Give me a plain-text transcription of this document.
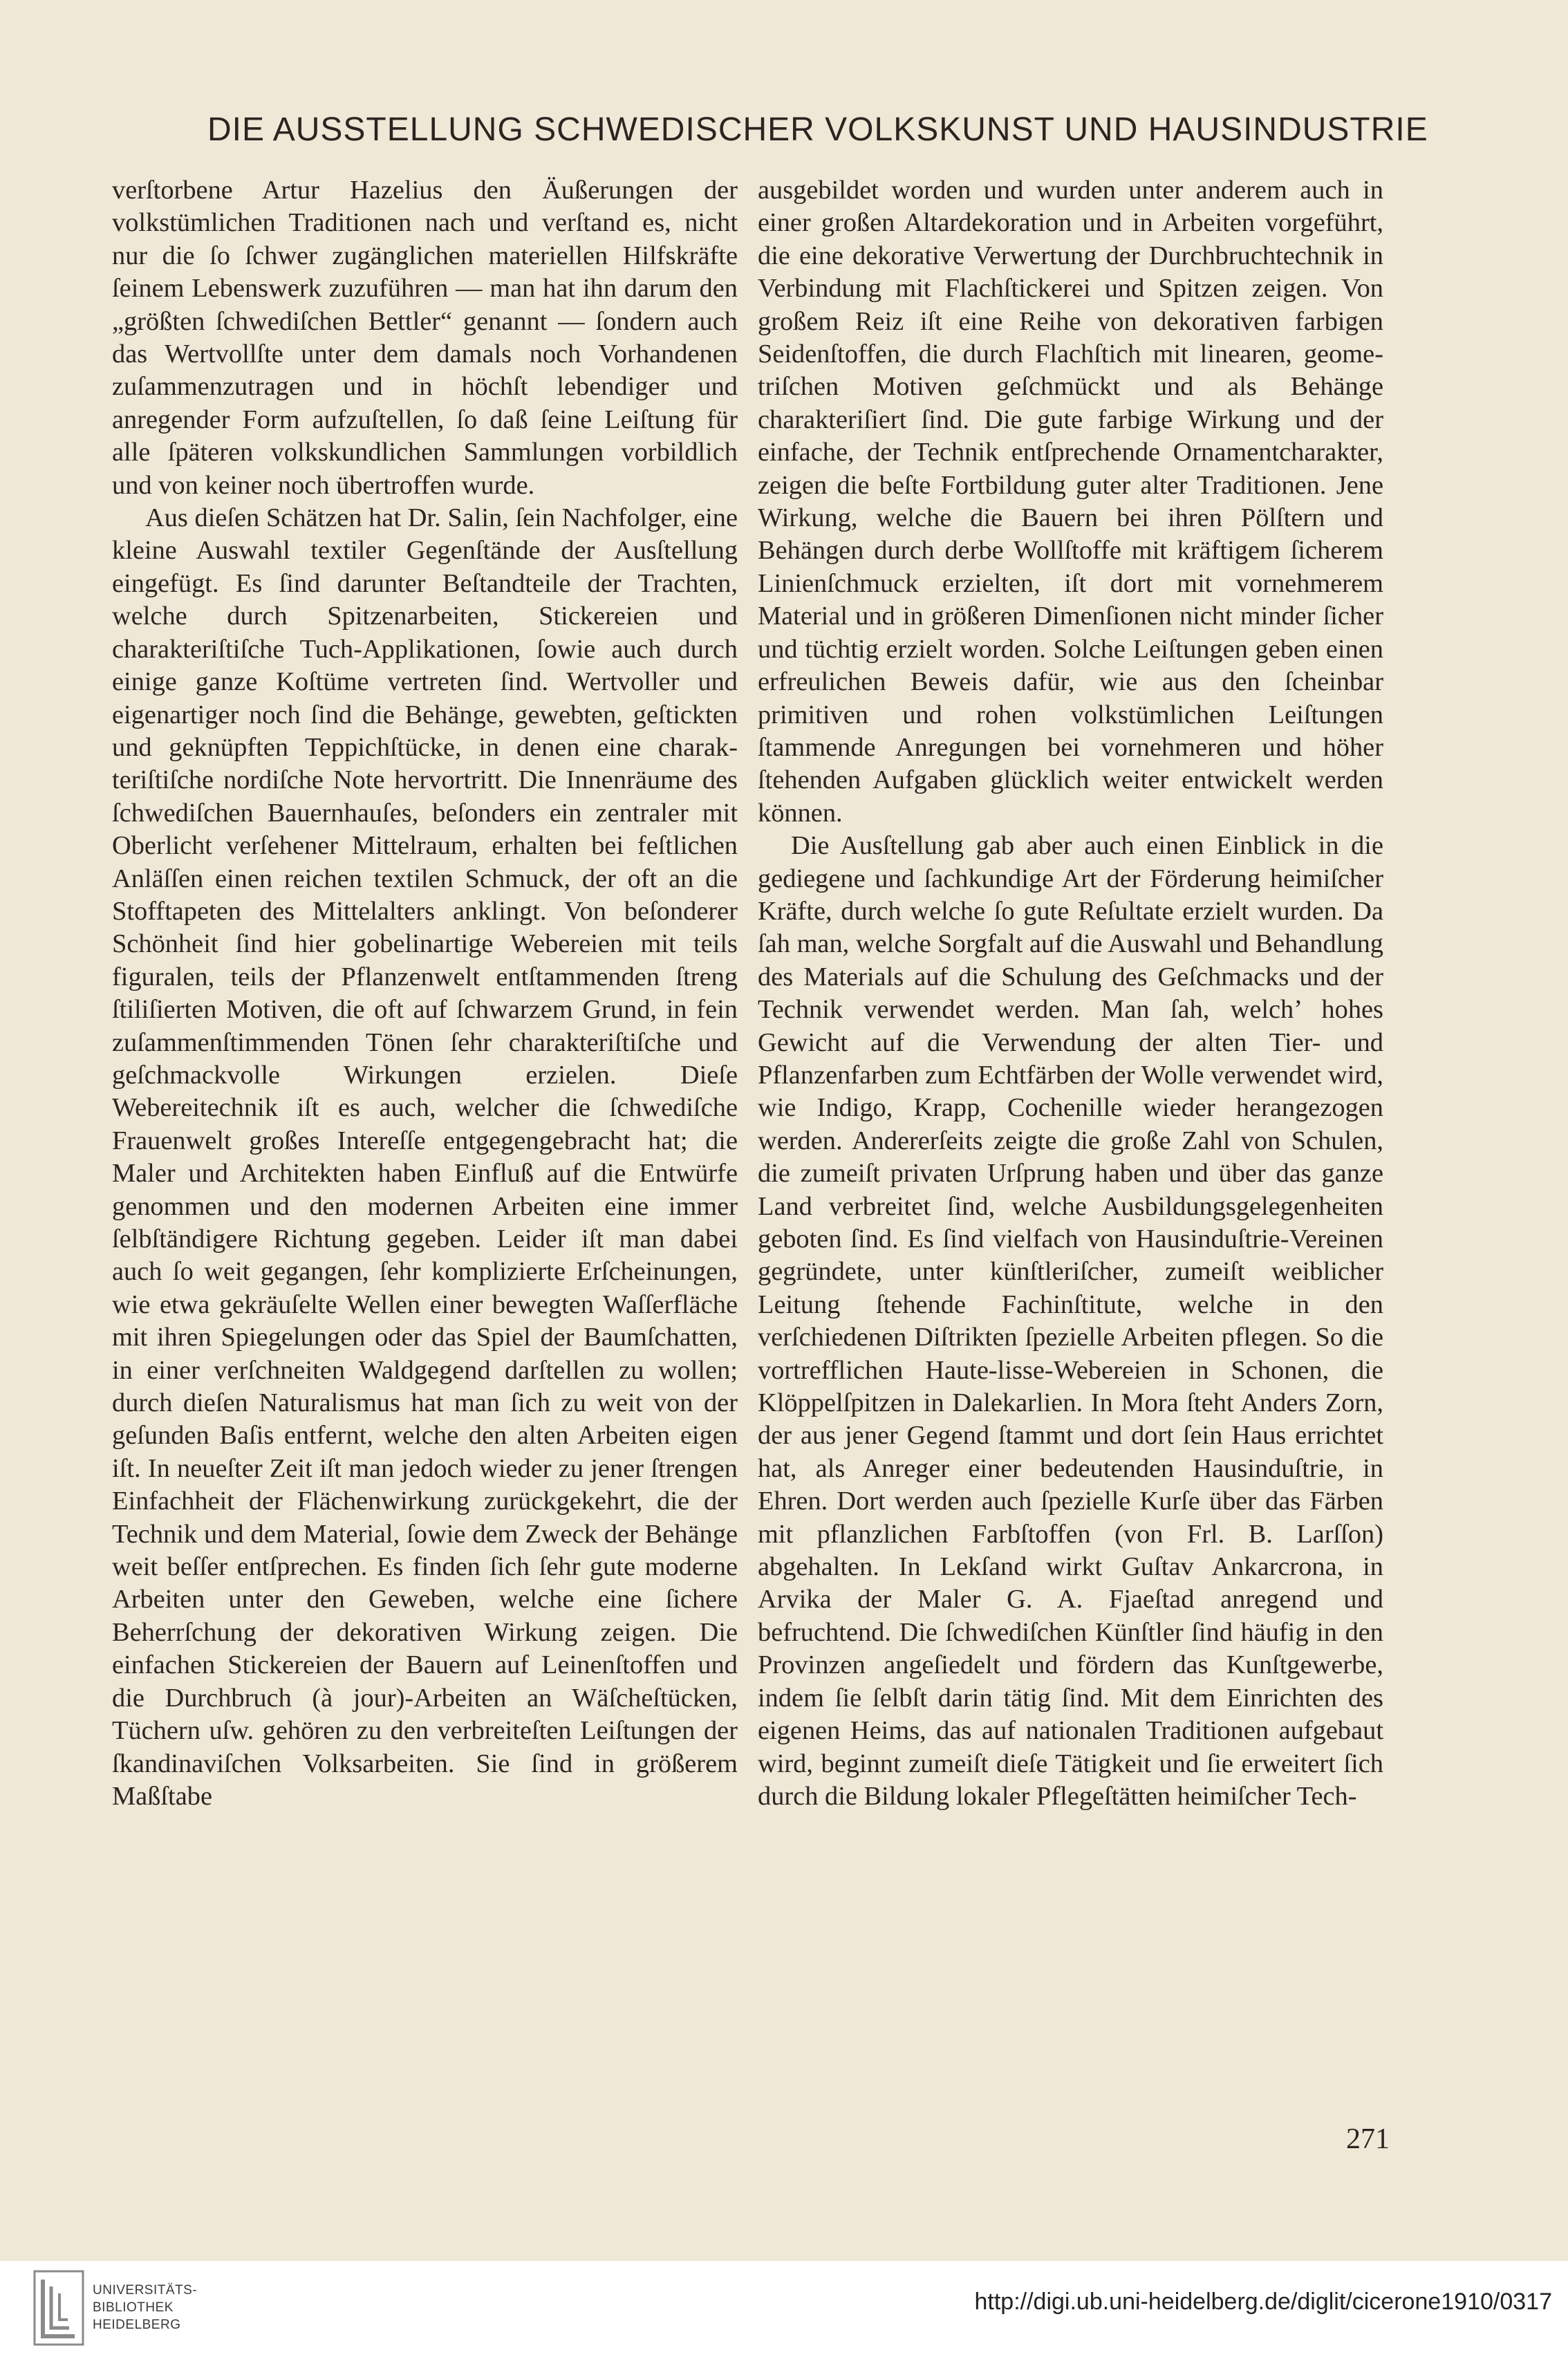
DIE AUSSTELLUNG SCHWEDISCHER VOLKSKUNST UND HAUSINDUSTRIE

verſtorbene Artur Hazelius den Äußerungen der volkstümlichen Traditionen nach und verſtand es, nicht nur die ſo ſchwer zugänglichen materiellen Hilfskräfte ſeinem Lebenswerk zuzuführen — man hat ihn darum den „größten ſchwediſchen Bettler“ genannt — ſondern auch das Wertvollſte unter dem damals noch Vorhandenen zuſammenzutragen und in höchſt lebendiger und anregender Form aufzuſtellen, ſo daß ſeine Leiſtung für alle ſpäteren volkskundlichen Sammlungen vorbildlich und von keiner noch übertroffen wurde.

Aus dieſen Schätzen hat Dr. Salin, ſein Nachfolger, eine kleine Auswahl textiler Gegenſtände der Ausſtellung eingefügt. Es ſind darunter Beſtandteile der Trachten, welche durch Spitzenarbeiten, Stickereien und charakteriſtiſche Tuch-Applikationen, ſowie auch durch einige ganze Koſtüme vertreten ſind. Wertvoller und eigenartiger noch ſind die Behänge, gewebten, geſtickten und geknüpften Teppichſtücke, in denen eine charakteriſtiſche nordiſche Note hervortritt. Die Innenräume des ſchwediſchen Bauernhauſes, beſonders ein zentraler mit Oberlicht verſehener Mittelraum, erhalten bei feſtlichen Anläſſen einen reichen textilen Schmuck, der oft an die Stofftapeten des Mittelalters anklingt. Von beſonderer Schönheit ſind hier gobelinartige Webereien mit teils figuralen, teils der Pflanzenwelt entſtammenden ſtreng ſtiliſierten Motiven, die oft auf ſchwarzem Grund, in fein zuſammenſtimmenden Tönen ſehr charakteriſtiſche und geſchmackvolle Wirkungen erzielen. Dieſe Webereitechnik iſt es auch, welcher die ſchwediſche Frauenwelt großes Intereſſe entgegengebracht hat; die Maler und Architekten haben Einfluß auf die Entwürfe genommen und den modernen Arbeiten eine immer ſelbſtändigere Richtung gegeben. Leider iſt man dabei auch ſo weit gegangen, ſehr komplizierte Erſcheinungen, wie etwa gekräuſelte Wellen einer bewegten Waſſerfläche mit ihren Spiegelungen oder das Spiel der Baumſchatten, in einer verſchneiten Waldgegend darſtellen zu wollen; durch dieſen Naturalismus hat man ſich zu weit von der geſunden Baſis entfernt, welche den alten Arbeiten eigen iſt. In neueſter Zeit iſt man jedoch wieder zu jener ſtrengen Einfachheit der Flächenwirkung zurückgekehrt, die der Technik und dem Material, ſowie dem Zweck der Behänge weit beſſer entſprechen. Es finden ſich ſehr gute moderne Arbeiten unter den Geweben, welche eine ſichere Beherrſchung der dekorativen Wirkung zeigen. Die einfachen Stickereien der Bauern auf Leinenſtoffen und die Durchbruch (à jour)-Arbeiten an Wäſcheſtücken, Tüchern uſw. gehören zu den verbreiteſten Leiſtungen der ſkandinaviſchen Volksarbeiten. Sie ſind in größerem Maßſtabe

ausgebildet worden und wurden unter anderem auch in einer großen Altardekoration und in Arbeiten vorgeführt, die eine dekorative Verwertung der Durchbruchtechnik in Verbindung mit Flachſtickerei und Spitzen zeigen. Von großem Reiz iſt eine Reihe von dekorativen farbigen Seidenſtoffen, die durch Flachſtich mit linearen, geometriſchen Motiven geſchmückt und als Behänge charakteriſiert ſind. Die gute farbige Wirkung und der einfache, der Technik entſprechende Ornamentcharakter, zeigen die beſte Fortbildung guter alter Traditionen. Jene Wirkung, welche die Bauern bei ihren Pölſtern und Behängen durch derbe Wollſtoffe mit kräftigem ſicherem Linienſchmuck erzielten, iſt dort mit vornehmerem Material und in größeren Dimenſionen nicht minder ſicher und tüchtig erzielt worden. Solche Leiſtungen geben einen erfreulichen Beweis dafür, wie aus den ſcheinbar primitiven und rohen volkstümlichen Leiſtungen ſtammende Anregungen bei vornehmeren und höher ſtehenden Aufgaben glücklich weiter entwickelt werden können.

Die Ausſtellung gab aber auch einen Einblick in die gediegene und ſachkundige Art der Förderung heimiſcher Kräfte, durch welche ſo gute Reſultate erzielt wurden. Da ſah man, welche Sorgfalt auf die Auswahl und Behandlung des Materials auf die Schulung des Geſchmacks und der Technik verwendet werden. Man ſah, welch’ hohes Gewicht auf die Verwendung der alten Tier- und Pflanzenfarben zum Echtfärben der Wolle verwendet wird, wie Indigo, Krapp, Cochenille wieder herangezogen werden. Andererſeits zeigte die große Zahl von Schulen, die zumeiſt privaten Urſprung haben und über das ganze Land verbreitet ſind, welche Ausbildungsgelegenheiten geboten ſind. Es ſind vielfach von Hausinduſtrie-Vereinen gegründete, unter künſtleriſcher, zumeiſt weiblicher Leitung ſtehende Fachinſtitute, welche in den verſchiedenen Diſtrikten ſpezielle Arbeiten pflegen. So die vortrefflichen Haute-lisse-Webereien in Schonen, die Klöppelſpitzen in Dalekarlien. In Mora ſteht Anders Zorn, der aus jener Gegend ſtammt und dort ſein Haus errichtet hat, als Anreger einer bedeutenden Hausinduſtrie, in Ehren. Dort werden auch ſpezielle Kurſe über das Färben mit pflanzlichen Farbſtoffen (von Frl. B. Larſſon) abgehalten. In Lekſand wirkt Guſtav Ankarcrona, in Arvika der Maler G. A. Fjaeſtad anregend und befruchtend. Die ſchwediſchen Künſtler ſind häufig in den Provinzen angeſiedelt und fördern das Kunſtgewerbe, indem ſie ſelbſt darin tätig ſind. Mit dem Einrichten des eigenen Heims, das auf nationalen Traditionen aufgebaut wird, beginnt zumeiſt dieſe Tätigkeit und ſie erweitert ſich durch die Bildung lokaler Pflegeſtätten heimiſcher Tech-

271
UNIVERSITÄTS-
BIBLIOTHEK
HEIDELBERG
http://digi.ub.uni-heidelberg.de/diglit/cicerone1910/0317
